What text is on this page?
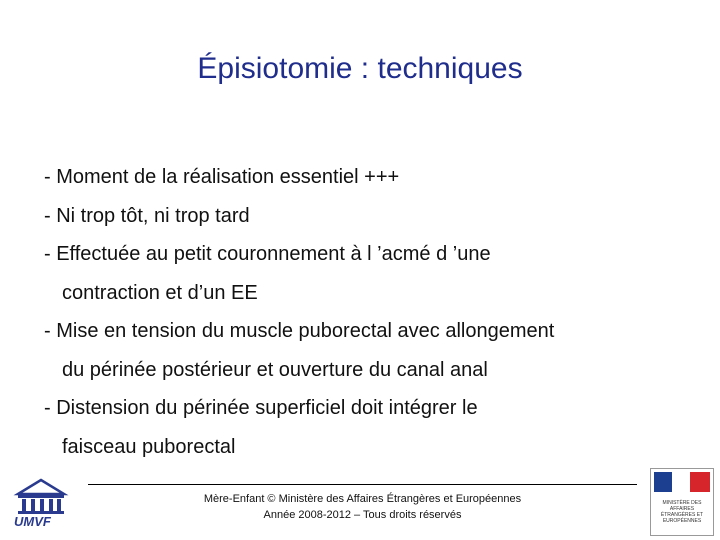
Épisiotomie : techniques
- Moment de la réalisation essentiel +++
- Ni trop tôt, ni trop tard
- Effectuée au petit couronnement à l ’acmé d ’une
contraction et d’un EE
- Mise en tension du muscle puborectal avec allongement
du périnée postérieur et ouverture du canal anal
- Distension du périnée superficiel doit intégrer le
faisceau puborectal
Mère-Enfant © Ministère des Affaires Étrangères et Européennes
Année 2008-2012 – Tous droits réservés
UMVF
MINISTÈRE DES AFFAIRES ÉTRANGÈRES ET EUROPÉENNES
